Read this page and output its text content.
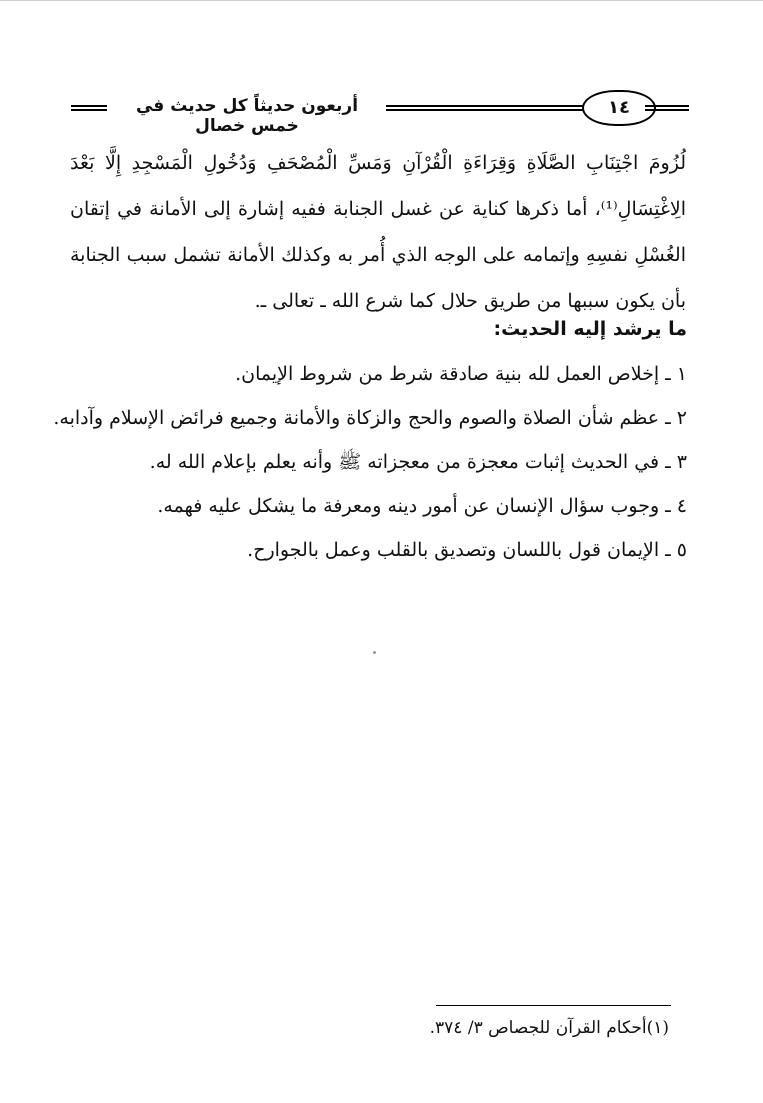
أربعون حديثاً كل حديث في خمس خصال
١٤
لُزُومَ اجْتِنَابِ الصَّلَاةِ وَقِرَاءَةِ الْقُرْآنِ وَمَسِّ الْمُصْحَفِ وَدُخُولِ الْمَسْجِدِ إِلَّا بَعْدَ
الِاغْتِسَالِ⁽¹⁾، أما ذكرها كناية عن غسل الجنابة ففيه إشارة إلى الأمانة في إتقان
الغُسْلِ نفسِهِ وإتمامه على الوجه الذي أُمر به وكذلك الأمانة تشمل سبب الجنابة
بأن يكون سببها من طريق حلال كما شرع الله ـ تعالى ـ.
ما يرشد إليه الحديث:
١ ـ إخلاص العمل لله بنية صادقة شرط من شروط الإيمان.
٢ ـ عظم شأن الصلاة والصوم والحج والزكاة والأمانة وجميع فرائض الإسلام وآدابه.
٣ ـ في الحديث إثبات معجزة من معجزاته ﷺ وأنه يعلم بإعلام الله له.
٤ ـ وجوب سؤال الإنسان عن أمور دينه ومعرفة ما يشكل عليه فهمه.
٥ ـ الإيمان قول باللسان وتصديق بالقلب وعمل بالجوارح.
(١)أحكام القرآن للجصاص ٣/ ٣٧٤.
